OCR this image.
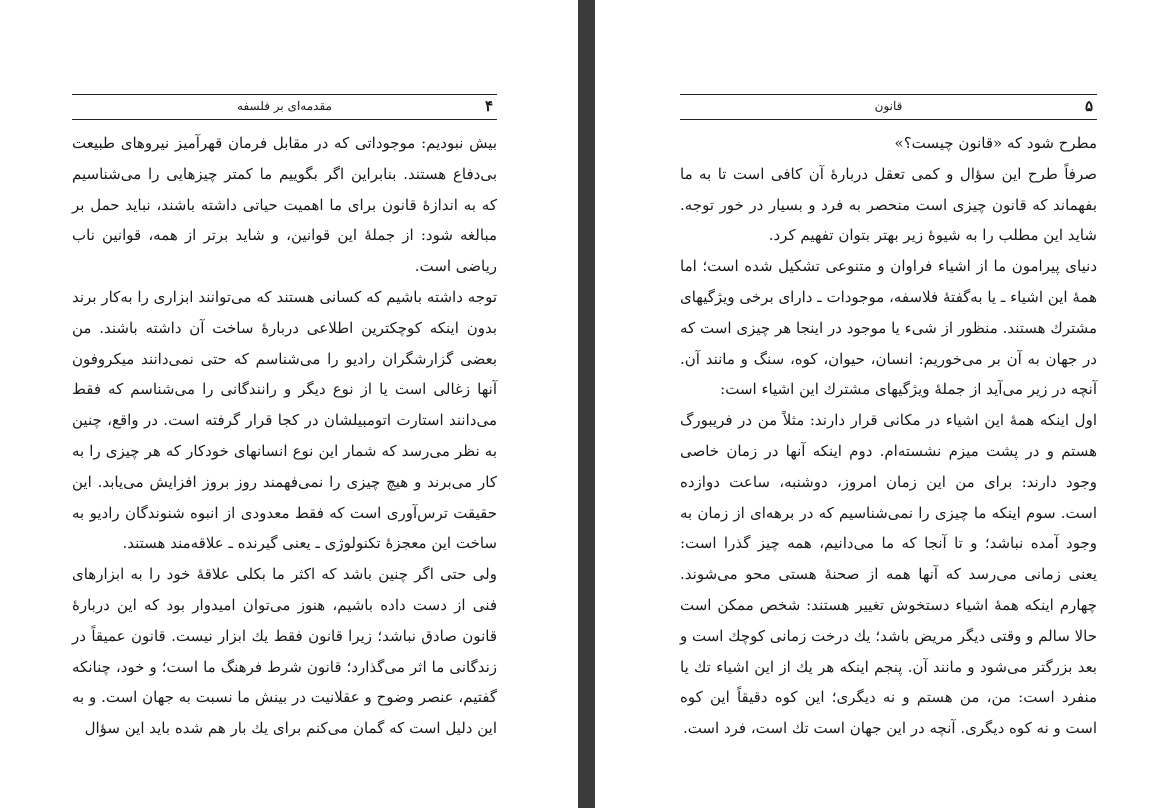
۴
مقدمه‌ای بر فلسفه

بیش نبودیم: موجوداتی که در مقابل فرمان قهرآمیز نیروهای طبیعت بی‌دفاع هستند. بنابراین اگر بگوییم ما کمتر چیزهایی را می‌شناسیم که به اندازهٔ قانون برای ما اهمیت حیاتی داشته باشند، نباید حمل بر مبالغه شود: از جملهٔ این قوانین، و شاید برتر از همه، قوانین ناب ریاضی است.

توجه داشته باشیم که کسانی هستند که می‌توانند ابزاری را به‌کار برند بدون اینکه کوچکترین اطلاعی دربارهٔ ساخت آن داشته باشند. من بعضی گزارشگران رادیو را می‌شناسم که حتی نمی‌دانند میکروفون آنها زغالی است یا از نوع دیگر و رانندگانی را می‌شناسم که فقط می‌دانند استارت اتومبیلشان در کجا قرار گرفته است. در واقع، چنین به نظر می‌رسد که شمار این نوع انسانهای خودکار که هر چیزی را به کار می‌برند و هیچ چیزی را نمی‌فهمند روز بروز افزایش می‌یابد. این حقیقت ترس‌آوری است که فقط معدودی از انبوه شنوندگان رادیو به ساخت این معجزهٔ تکنولوژی ـ یعنی گیرنده ـ علاقه‌مند هستند.

ولی حتی اگر چنین باشد که اکثر ما بکلی علاقهٔ خود را به ابزارهای فنی از دست داده باشیم، هنوز می‌توان امیدوار بود که این دربارهٔ قانون صادق نباشد؛ زیرا قانون فقط یك ابزار نیست. قانون عمیقاً در زندگانی ما اثر می‌گذارد؛ قانون شرط فرهنگ ما است؛ و خود، چنانکه گفتیم، عنصر وضوح و عقلانیت در بینش ما نسبت به جهان است. و به این دلیل است که گمان می‌کنم برای یك بار هم شده باید این سؤال

۵
قانون

مطرح شود که «قانون چیست؟»

صرفاً طرح این سؤال و کمی تعقل دربارهٔ آن کافی است تا به ما بفهماند که قانون چیزی است منحصر به فرد و بسیار در خور توجه. شاید این مطلب را به شیوهٔ زیر بهتر بتوان تفهیم کرد.

دنیای پیرامون ما از اشیاء فراوان و متنوعی تشکیل شده است؛ اما همهٔ این اشیاء ـ یا به‌گفتهٔ فلاسفه، موجودات ـ دارای برخی ویژگیهای مشترك هستند. منظور از شیء یا موجود در اینجا هر چیزی است که در جهان به آن بر می‌خوریم: انسان، حیوان، کوه، سنگ و مانند آن. آنچه در زیر می‌آید از جملهٔ ویژگیهای مشترك این اشیاء است:

اول اینکه همهٔ این اشیاء در مکانی قرار دارند: مثلاً من در فریبورگ هستم و در پشت میزم نشسته‌ام. دوم اینکه آنها در زمان خاصی وجود دارند: برای من این زمان امروز، دوشنبه، ساعت دوازده است. سوم اینکه ما چیزی را نمی‌شناسیم که در برهه‌ای از زمان به وجود آمده نباشد؛ و تا آنجا که ما می‌دانیم، همه چیز گذرا است: یعنی زمانی می‌رسد که آنها همه از صحنهٔ هستی محو می‌شوند. چهارم اینکه همهٔ اشیاء دستخوش تغییر هستند: شخص ممکن است حالا سالم و وقتی دیگر مریض باشد؛ یك درخت زمانی کوچك است و بعد بزرگتر می‌شود و مانند آن. پنجم اینکه هر یك از این اشیاء تك یا منفرد است: من، من هستم و نه دیگری؛ این کوه دقیقاً این کوه است و نه کوه دیگری. آنچه در این جهان است تك است، فرد است.
